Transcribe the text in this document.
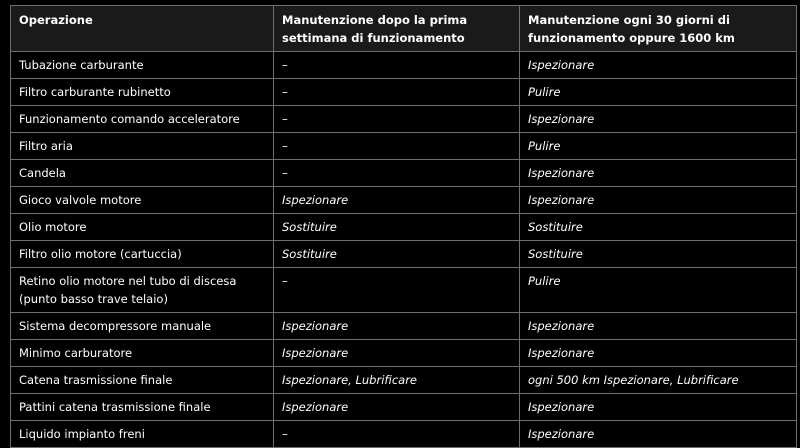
Operazione	Manutenzione dopo la prima settimana di funzionamento	Manutenzione ogni 30 giorni di funzionamento oppure 1600 km
Tubazione carburante	–	Ispezionare
Filtro carburante rubinetto	–	Pulire
Funzionamento comando acceleratore	–	Ispezionare
Filtro aria	–	Pulire
Candela	–	Ispezionare
Gioco valvole motore	Ispezionare	Ispezionare
Olio motore	Sostituire	Sostituire
Filtro olio motore (cartuccia)	Sostituire	Sostituire
Retino olio motore nel tubo di discesa (punto basso trave telaio)	–	Pulire
Sistema decompressore manuale	Ispezionare	Ispezionare
Minimo carburatore	Ispezionare	Ispezionare
Catena trasmissione finale	Ispezionare, Lubrificare	ogni 500 km Ispezionare, Lubrificare
Pattini catena trasmissione finale	Ispezionare	Ispezionare
Liquido impianto freni	–	Ispezionare
